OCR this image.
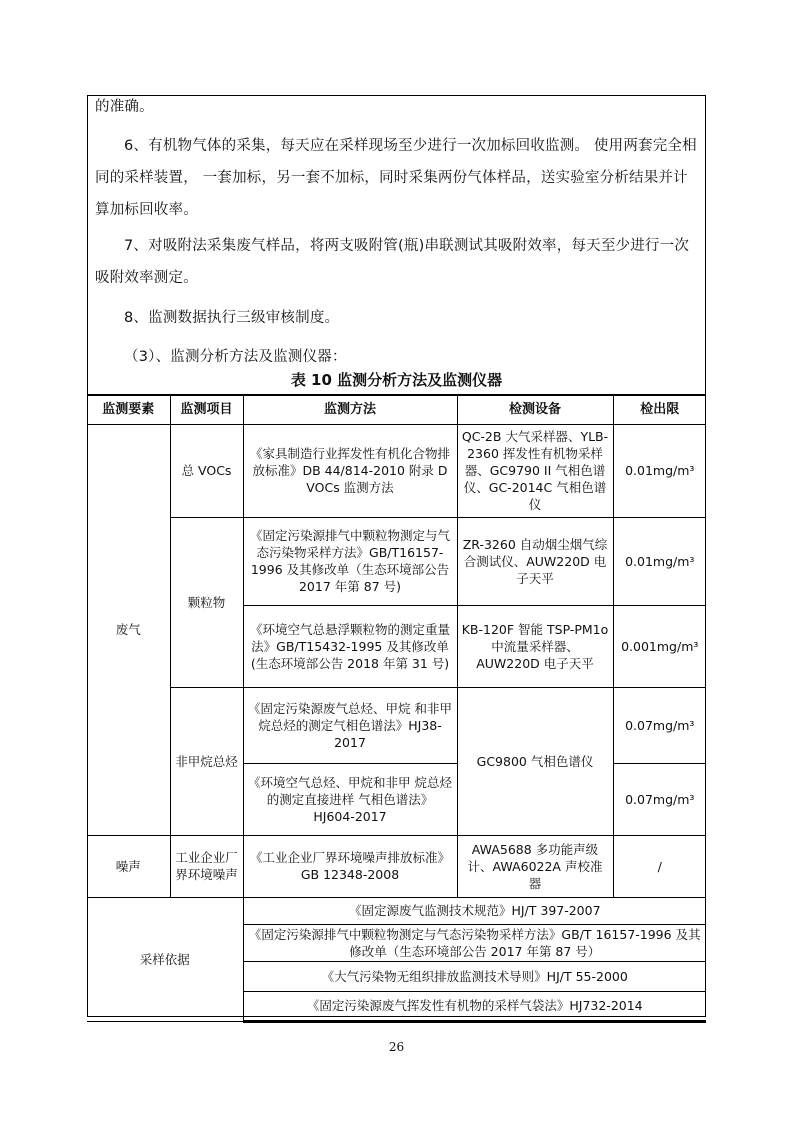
的准确。
6、有机物气体的采集，每天应在采样现场至少进行一次加标回收监测。 使用两套完全相同的采样装置， 一套加标，另一套不加标，同时采集两份气体样品，送实验室分析结果并计算加标回收率。
7、对吸附法采集废气样品，将两支吸附管(瓶)串联测试其吸附效率，每天至少进行一次吸附效率测定。
8、监测数据执行三级审核制度。
（3）、监测分析方法及监测仪器：
表 10 监测分析方法及监测仪器
监测要素	监测项目	监测方法	检测设备	检出限
废气	总 VOCs	《家具制造行业挥发性有机化合物排放标准》DB 44/814-2010 附录 D VOCs 监测方法	QC-2B 大气采样器、YLB-2360 挥发性有机物采样器、GC9790 II 气相色谱仪、GC-2014C 气相色谱仪	0.01mg/m³
	颗粒物	《固定污染源排气中颗粒物测定与气态污染物采样方法》GB/T16157-1996 及其修改单（生态环境部公告 2017 年第 87 号)	ZR-3260 自动烟尘烟气综合测试仪、AUW220D 电子天平	0.01mg/m³
		《环境空气总悬浮颗粒物的测定重量法》GB/T15432-1995 及其修改单(生态环境部公告 2018 年第 31 号)	KB-120F 智能 TSP-PM1o 中流量采样器、AUW220D 电子天平	0.001mg/m³
	非甲烷总烃	《固定污染源废气总烃、甲烷 和非甲烷总烃的测定气相色谱法》HJ38-2017	GC9800 气相色谱仪	0.07mg/m³
		《环境空气总烃、甲烷和非甲 烷总烃的测定直接进样 气相色谱法》HJ604-2017		0.07mg/m³
噪声	工业企业厂界环境噪声	《工业企业厂界环境噪声排放标准》GB 12348-2008	AWA5688 多功能声级计、AWA6022A 声校准器	/
采样依据		《固定源废气监测技术规范》HJ/T 397-2007		
		《固定污染源排气中颗粒物测定与气态污染物采样方法》GB/T 16157-1996 及其修改单（生态环境部公告 2017 年第 87 号）		
		《大气污染物无组织排放监测技术导则》HJ/T 55-2000		
		《固定污染源废气挥发性有机物的采样气袋法》HJ732-2014		
26
